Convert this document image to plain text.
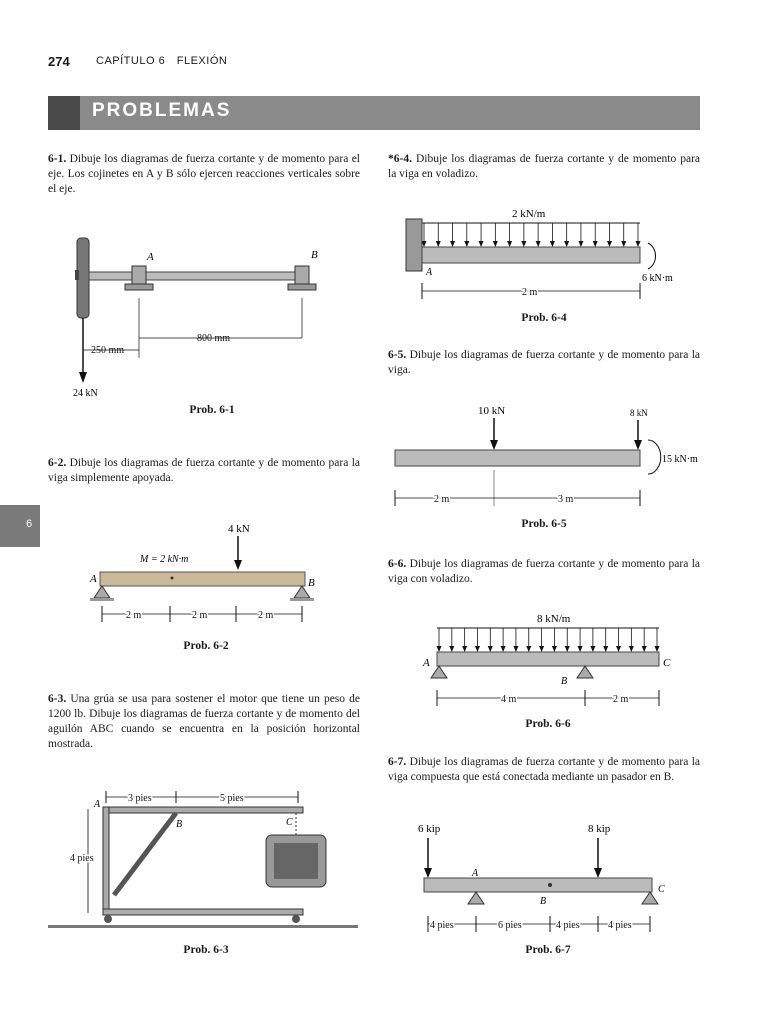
274 CAPÍTULO 6 FLEXIÓN
PROBLEMAS
6
6-1. Dibuje los diagramas de fuerza cortante y de momento para el eje. Los cojinetes en A y B sólo ejercen reacciones verticales sobre el eje.
A	B
250 mm
800 mm
24 kN
Prob. 6-1
6-2. Dibuje los diagramas de fuerza cortante y de momento para la viga simplemente apoyada.
4 kN
M = 2 kN·m
A	B
2 m	2 m	2 m
Prob. 6-2
6-3. Una grúa se usa para sostener el motor que tiene un peso de 1200 lb. Dibuje los diagramas de fuerza cortante y de momento del aguilón ABC cuando se encuentra en la posición horizontal mostrada.
3 pies	5 pies
4 pies
A
B	C
Prob. 6-3
*6-4. Dibuje los diagramas de fuerza cortante y de momento para la viga en voladizo.
2 kN/m
A
6 kN·m
2 m
Prob. 6-4
6-5. Dibuje los diagramas de fuerza cortante y de momento para la viga.
10 kN	8 kN
15 kN·m
2 m	3 m
Prob. 6-5
6-6. Dibuje los diagramas de fuerza cortante y de momento para la viga con voladizo.
8 kN/m
A
B
C
4 m	2 m
Prob. 6-6
6-7. Dibuje los diagramas de fuerza cortante y de momento para la viga compuesta que está conectada mediante un pasador en B.
6 kip	8 kip
A
B
C
4 pies	6 pies	4 pies	4 pies
Prob. 6-7
